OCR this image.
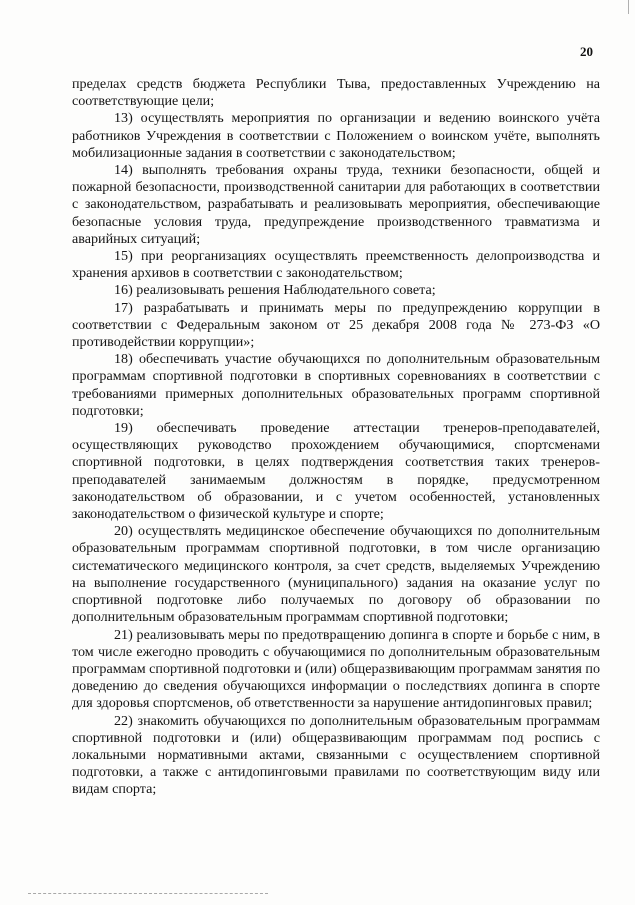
20

пределах средств бюджета Республики Тыва, предоставленных Учреждению на соответствующие цели;

13) осуществлять мероприятия по организации и ведению воинского учёта работников Учреждения в соответствии с Положением о воинском учёте, выполнять мобилизационные задания в соответствии с законодательством;

14) выполнять требования охраны труда, техники безопасности, общей и пожарной безопасности, производственной санитарии для работающих в соответствии с законодательством, разрабатывать и реализовывать мероприятия, обеспечивающие безопасные условия труда, предупреждение производственного травматизма и аварийных ситуаций;

15) при реорганизациях осуществлять преемственность делопроизводства и хранения архивов в соответствии с законодательством;

16) реализовывать решения Наблюдательного совета;

17) разрабатывать и принимать меры по предупреждению коррупции в соответствии с Федеральным законом от 25 декабря 2008 года № 273-ФЗ «О противодействии коррупции»;

18) обеспечивать участие обучающихся по дополнительным образовательным программам спортивной подготовки в спортивных соревнованиях в соответствии с требованиями примерных дополнительных образовательных программ спортивной подготовки;

19) обеспечивать проведение аттестации тренеров-преподавателей, осуществляющих руководство прохождением обучающимися, спортсменами спортивной подготовки, в целях подтверждения соответствия таких тренеров-преподавателей занимаемым должностям в порядке, предусмотренном законодательством об образовании, и с учетом особенностей, установленных законодательством о физической культуре и спорте;

20) осуществлять медицинское обеспечение обучающихся по дополнительным образовательным программам спортивной подготовки, в том числе организацию систематического медицинского контроля, за счет средств, выделяемых Учреждению на выполнение государственного (муниципального) задания на оказание услуг по спортивной подготовке либо получаемых по договору об образовании по дополнительным образовательным программам спортивной подготовки;

21) реализовывать меры по предотвращению допинга в спорте и борьбе с ним, в том числе ежегодно проводить с обучающимися по дополнительным образовательным программам спортивной подготовки и (или) общеразвивающим программам занятия по доведению до сведения обучающихся информации о последствиях допинга в спорте для здоровья спортсменов, об ответственности за нарушение антидопинговых правил;

22) знакомить обучающихся по дополнительным образовательным программам спортивной подготовки и (или) общеразвивающим программам под роспись с локальными нормативными актами, связанными с осуществлением спортивной подготовки, а также с антидопинговыми правилами по соответствующим виду или видам спорта;
